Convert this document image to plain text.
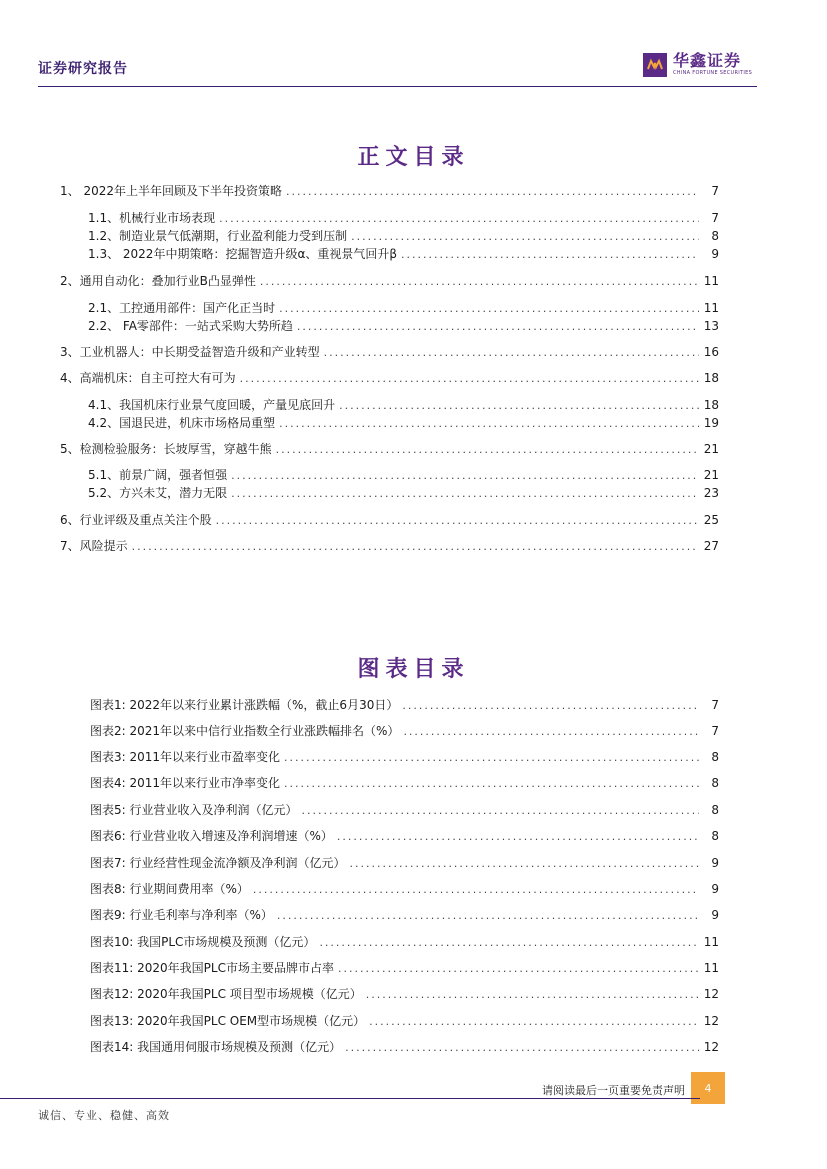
证券研究报告	华鑫证券
CHINA FORTUNE SECURITIES
正文目录
1、 2022年上半年回顾及下半年投资策略 .....	7
1.1、机械行业市场表现 .....	7
1.2、制造业景气低潮期，行业盈利能力受到压制 .....	8
1.3、 2022年中期策略：挖掘智造升级α、重视景气回升β .....	9
2、通用自动化：叠加行业B凸显弹性 .....	11
2.1、工控通用部件：国产化正当时 .....	11
2.2、 FA零部件：一站式采购大势所趋 .....	13
3、工业机器人：中长期受益智造升级和产业转型 .....	16
4、高端机床：自主可控大有可为 .....	18
4.1、我国机床行业景气度回暖，产量见底回升 .....	18
4.2、国退民进，机床市场格局重塑 .....	19
5、检测检验服务：长坡厚雪，穿越牛熊 .....	21
5.1、前景广阔，强者恒强 .....	21
5.2、方兴未艾，潜力无限 .....	23
6、行业评级及重点关注个股 .....	25
7、风险提示 .....	27
图表目录
图表1: 2022年以来行业累计涨跌幅（%，截止6月30日） .....	7
图表2: 2021年以来中信行业指数全行业涨跌幅排名（%） .....	7
图表3: 2011年以来行业市盈率变化 .....	8
图表4: 2011年以来行业市净率变化 .....	8
图表5: 行业营业收入及净利润（亿元） .....	8
图表6: 行业营业收入增速及净利润增速（%） .....	8
图表7: 行业经营性现金流净额及净利润（亿元） .....	9
图表8: 行业期间费用率（%） .....	9
图表9: 行业毛利率与净利率（%） .....	9
图表10: 我国PLC市场规模及预测（亿元） .....	11
图表11: 2020年我国PLC市场主要品牌市占率 .....	11
图表12: 2020年我国PLC 项目型市场规模（亿元） .....	12
图表13: 2020年我国PLC OEM型市场规模（亿元） .....	12
图表14: 我国通用伺服市场规模及预测（亿元） .....	12
请阅读最后一页重要免责声明	4
诚信、专业、稳健、高效
